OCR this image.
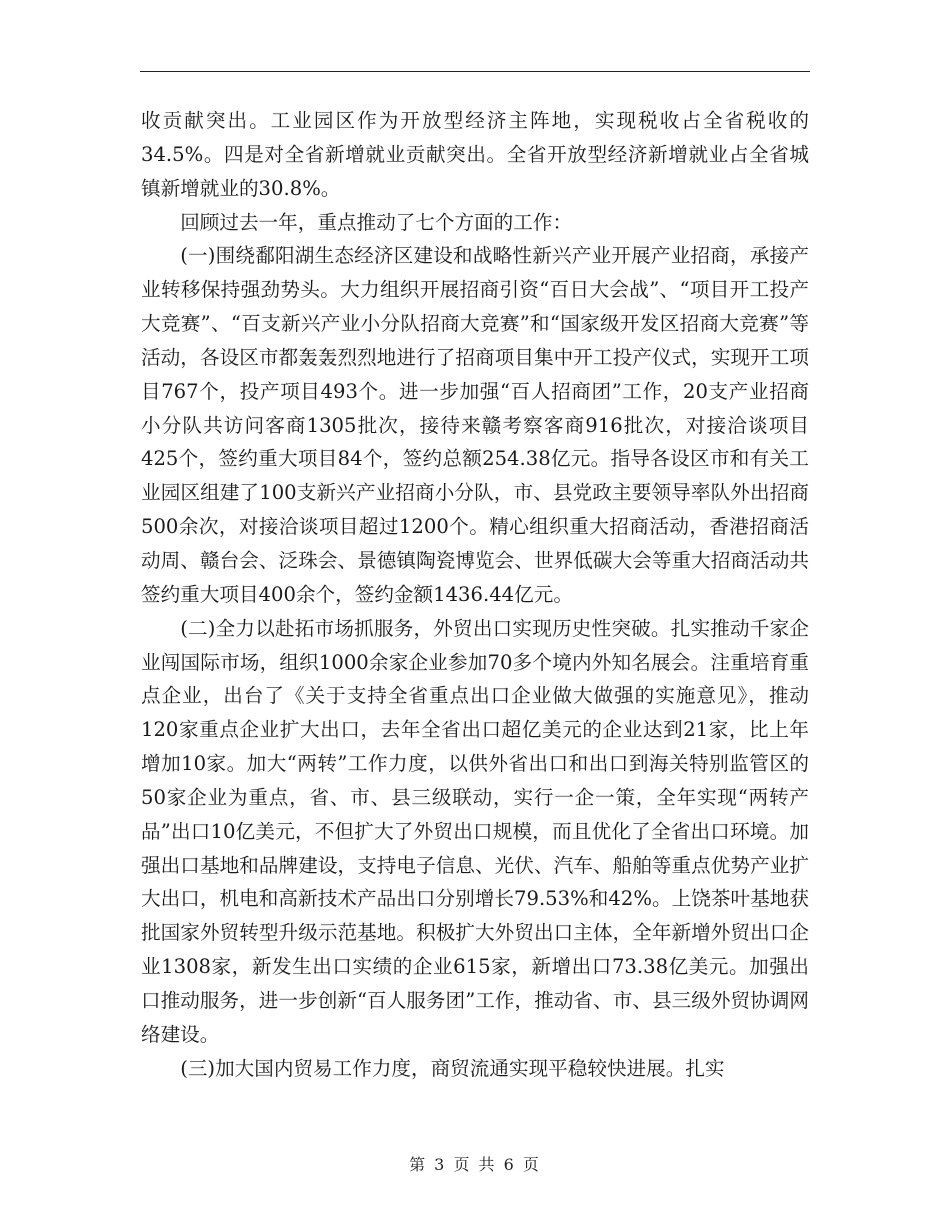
收贡献突出。工业园区作为开放型经济主阵地，实现税收占全省税收的34.5%。四是对全省新增就业贡献突出。全省开放型经济新增就业占全省城镇新增就业的30.8%。

回顾过去一年，重点推动了七个方面的工作：

(一)围绕鄱阳湖生态经济区建设和战略性新兴产业开展产业招商，承接产业转移保持强劲势头。大力组织开展招商引资“百日大会战”、“项目开工投产大竞赛”、“百支新兴产业小分队招商大竞赛”和“国家级开发区招商大竞赛”等活动，各设区市都轰轰烈烈地进行了招商项目集中开工投产仪式，实现开工项目767个，投产项目493个。进一步加强“百人招商团”工作，20支产业招商小分队共访问客商1305批次，接待来赣考察客商916批次，对接洽谈项目425个，签约重大项目84个，签约总额254.38亿元。指导各设区市和有关工业园区组建了100支新兴产业招商小分队，市、县党政主要领导率队外出招商500余次，对接洽谈项目超过1200个。精心组织重大招商活动，香港招商活动周、赣台会、泛珠会、景德镇陶瓷博览会、世界低碳大会等重大招商活动共签约重大项目400余个，签约金额1436.44亿元。

(二)全力以赴拓市场抓服务，外贸出口实现历史性突破。扎实推动千家企业闯国际市场，组织1000余家企业参加70多个境内外知名展会。注重培育重点企业，出台了《关于支持全省重点出口企业做大做强的实施意见》，推动120家重点企业扩大出口，去年全省出口超亿美元的企业达到21家，比上年增加10家。加大“两转”工作力度，以供外省出口和出口到海关特别监管区的50家企业为重点，省、市、县三级联动，实行一企一策，全年实现“两转产品”出口10亿美元，不但扩大了外贸出口规模，而且优化了全省出口环境。加强出口基地和品牌建设，支持电子信息、光伏、汽车、船舶等重点优势产业扩大出口，机电和高新技术产品出口分别增长79.53%和42%。上饶茶叶基地获批国家外贸转型升级示范基地。积极扩大外贸出口主体，全年新增外贸出口企业1308家，新发生出口实绩的企业615家，新增出口73.38亿美元。加强出口推动服务，进一步创新“百人服务团”工作，推动省、市、县三级外贸协调网络建设。

(三)加大国内贸易工作力度，商贸流通实现平稳较快进展。扎实

第 3 页 共 6 页
